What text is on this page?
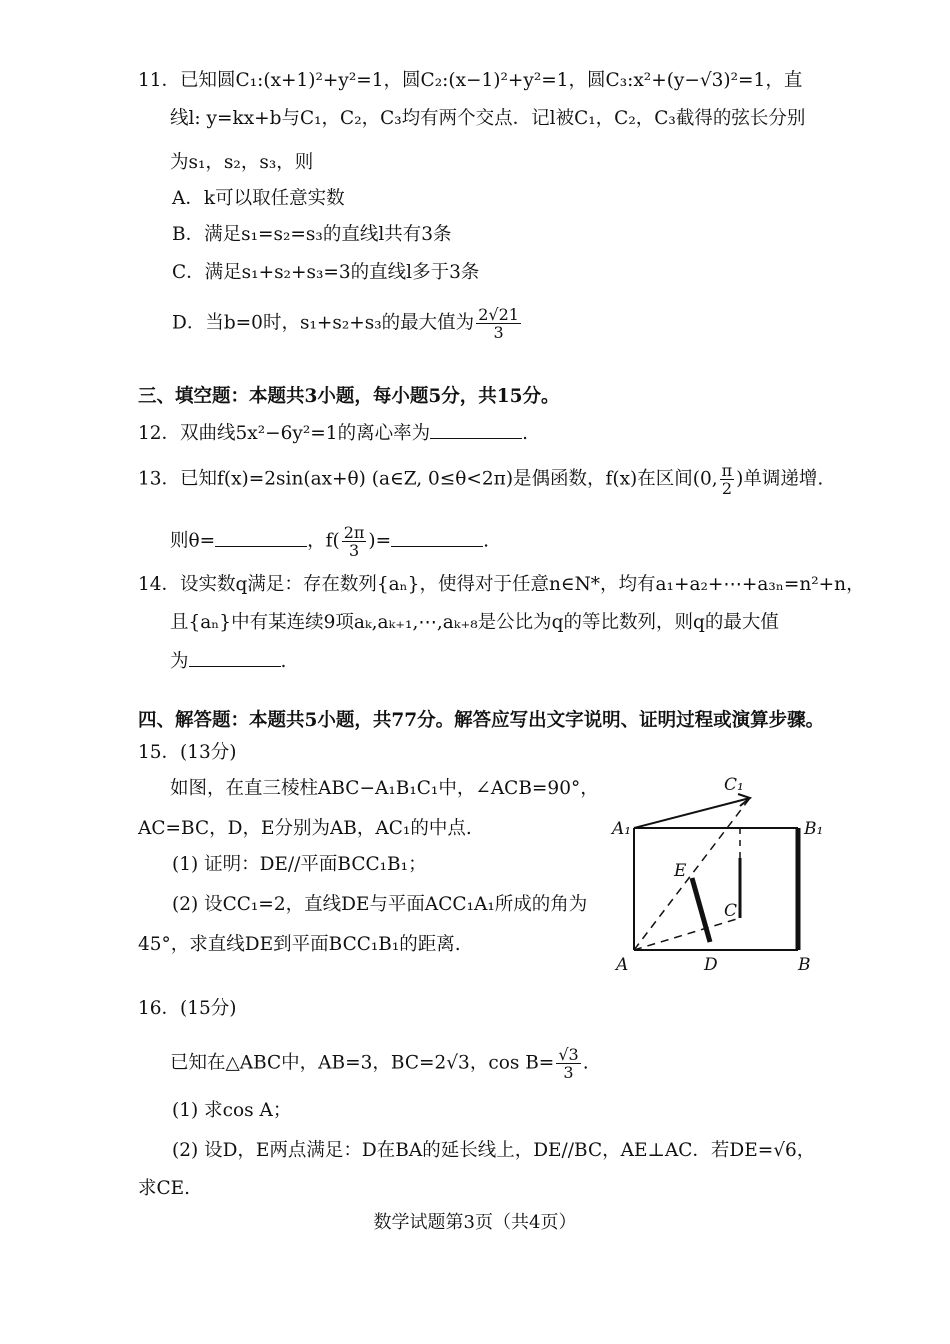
11．已知圆C₁:(x+1)²+y²=1，圆C₂:(x−1)²+y²=1，圆C₃:x²+(y−√3)²=1，直
线l: y=kx+b与C₁，C₂，C₃均有两个交点．记l被C₁，C₂，C₃截得的弦长分别
为s₁，s₂，s₃，则
A．k可以取任意实数
B．满足s₁=s₂=s₃的直线l共有3条
C．满足s₁+s₂+s₃=3的直线l多于3条
D．当b=0时，s₁+s₂+s₃的最大值为 $\frac{2√21}{3}$
三、填空题：本题共3小题，每小题5分，共15分。
12．双曲线5x²−6y²=1的离心率为	.
13．已知f(x)=2sin(ax+θ) (a∈Z, 0≤θ<2π)是偶函数，f(x)在区间(0, $\frac{\pi}{2}$ )单调递增.
则θ=	，$f( \frac{2\pi}{3}$ )=	.
14．设实数q满足：存在数列{aₙ}，使得对于任意n∈N*，均有a₁+a₂+⋯+a₃ₙ=n²+n，
且{aₙ}中有某连续9项aₖ,aₖ₊₁,⋯,aₖ₊₈是公比为q的等比数列，则q的最大值
为	.
四、解答题：本题共5小题，共77分。解答应写出文字说明、证明过程或演算步骤。
15．(13分)
如图，在直三棱柱ABC−A₁B₁C₁中，∠ACB=90°，
AC=BC，D，E分别为AB，AC₁的中点.
(1) 证明：DE//平面BCC₁B₁；
(2) 设CC₁=2，直线DE与平面ACC₁A₁所成的角为
45°，求直线DE到平面BCC₁B₁的距离.
C₁
A₁	B₁
E
C
A	D	B
16．(15分)
已知在△ABC中，AB=3，BC=2√3，$\cos B= \frac{√3}{3}$ .
(1) 求cos A；
(2) 设D，E两点满足：D在BA的延长线上，DE//BC，AE⊥AC．若DE=√6，
求CE.
数学试题第3页（共4页）
